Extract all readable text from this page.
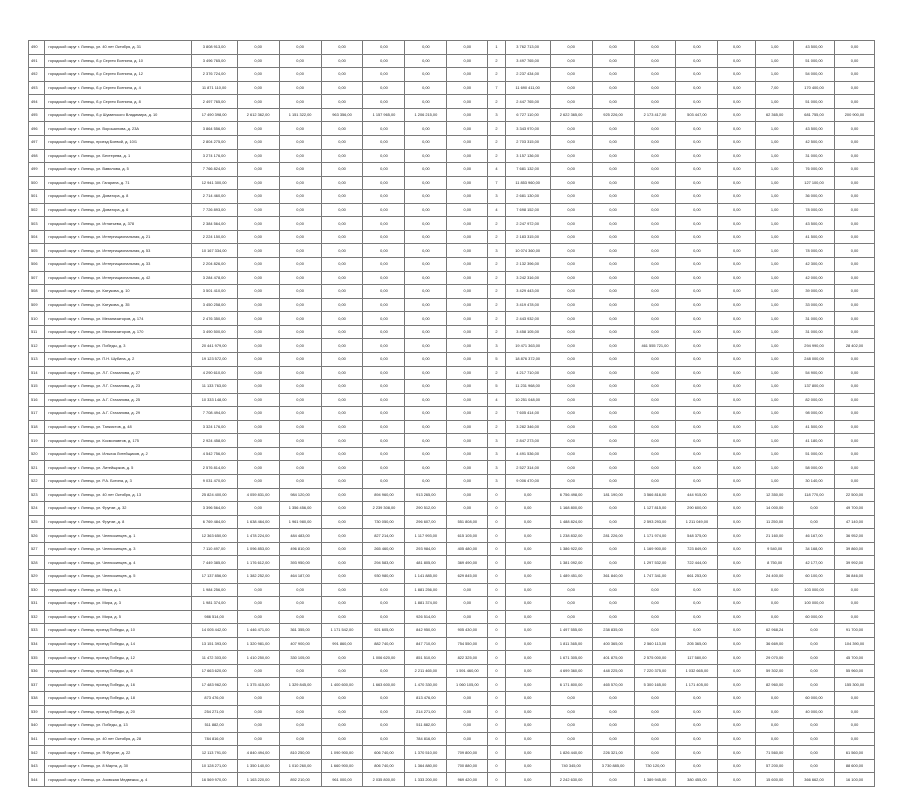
490	городской округ г. Липецк, ул. 40 лет Октября, д. 31	3 808 913,00	0,00	0,00	0,00	0,00	0,00	0,00	1	3 762 713,00	0,00	0,00	0,00	0,00	0,00	1,00	43 500,00	0,00
491	городской округ г. Липецк, б-р Сергея Есенина, д. 10	3 496 765,00	0,00	0,00	0,00	0,00	0,00	0,00	2	3 497 765,00	0,00	0,00	0,00	0,00	0,00	1,00	51 000,00	0,00
492	городской округ г. Липецк, б-р Сергея Есенина, д. 12	2 376 724,00	0,00	0,00	0,00	0,00	0,00	0,00	2	2 237 434,00	0,00	0,00	0,00	0,00	0,00	1,00	54 000,00	0,00
493	городской округ г. Липецк, б-р Сергея Есенина, д. 4	11 871 110,00	0,00	0,00	0,00	0,00	0,00	0,00	7	11 690 411,00	0,00	0,00	0,00	0,00	0,00	7,00	170 400,00	0,00
494	городской округ г. Липецк, б-р Сергея Есенина, д. 8	2 497 765,00	0,00	0,00	0,00	0,00	0,00	0,00	2	2 447 765,00	0,00	0,00	0,00	0,00	0,00	1,00	51 000,00	0,00
495	городской округ г. Липецк, б-р Шуминского Владимира, д. 10	17 490 398,00	2 612 362,00	1 151 322,00	963 356,00	1 157 965,00	1 206 215,00	0,00	3	6 727 110,00	2 622 365,00	925 226,00	2 173 417,00	503 447,00	0,00	62 365,00	681 755,00	200 900,00
496	городской округ г. Липецк, ул. Ворошилова, д. 23А	3 864 556,00	0,00	0,00	0,00	0,00	0,00	0,00	2	3 343 970,00	0,00	0,00	0,00	0,00	0,00	1,00	43 500,00	0,00
497	городской округ г. Липецк, проезд Боевой, д. 10/1	2 804 275,00	0,00	0,00	0,00	0,00	0,00	0,00	2	2 703 315,00	0,00	0,00	0,00	0,00	0,00	1,00	42 500,00	0,00
498	городской округ г. Липецк, ул. Бехтерева, д. 1	3 274 176,00	0,00	0,00	0,00	0,00	0,00	0,00	2	3 157 136,00	0,00	0,00	0,00	0,00	0,00	1,00	31 000,00	0,00
499	городской округ г. Липецк, ул. Вавилова, д. 5	7 766 824,00	0,00	0,00	0,00	0,00	0,00	0,00	4	7 681 132,00	0,00	0,00	0,00	0,00	0,00	1,00	76 000,00	0,00
500	городской округ г. Липецк, ул. Гагарина, д. 71	12 941 300,00	0,00	0,00	0,00	0,00	0,00	0,00	7	11 853 960,00	0,00	0,00	0,00	0,00	0,00	1,00	127 100,00	0,00
501	городской округ г. Липецк, ул. Доватора, д. 8	2 714 460,00	0,00	0,00	0,00	0,00	0,00	0,00	3	2 681 130,00	0,00	0,00	0,00	0,00	0,00	1,00	36 000,00	0,00
502	городской округ г. Липецк, ул. Доватора, д. 6	7 726 893,00	0,00	0,00	0,00	0,00	0,00	0,00	4	7 698 152,00	0,00	0,00	0,00	0,00	0,00	1,00	78 000,00	0,00
503	городской округ г. Липецк, ул. Игнатьева, д. 378	2 384 564,00	0,00	0,00	0,00	0,00	0,00	0,00	2	2 247 972,00	0,00	0,00	0,00	0,00	0,00	1,00	43 500,00	0,00
504	городской округ г. Липецк, ул. Интернациональная, д. 21	2 224 150,00	0,00	0,00	0,00	0,00	0,00	0,00	2	2 183 315,00	0,00	0,00	0,00	0,00	0,00	1,00	41 500,00	0,00
505	городской округ г. Липецк, ул. Интернациональная, д. 53	10 167 334,00	0,00	0,00	0,00	0,00	0,00	0,00	3	10 074 360,00	0,00	0,00	0,00	0,00	0,00	1,00	78 000,00	0,00
506	городской округ г. Липецк, ул. Интернациональная, д. 33	2 204 826,00	0,00	0,00	0,00	0,00	0,00	0,00	2	2 132 396,00	0,00	0,00	0,00	0,00	0,00	1,00	42 300,00	0,00
507	городской округ г. Липецк, ул. Интернациональная, д. 42	3 284 478,00	0,00	0,00	0,00	0,00	0,00	0,00	2	3 242 316,00	0,00	0,00	0,00	0,00	0,00	1,00	42 000,00	0,00
508	городской округ г. Липецк, ул. Катукова, д. 10	3 501 410,00	0,00	0,00	0,00	0,00	0,00	0,00	2	3 429 443,00	0,00	0,00	0,00	0,00	0,00	1,00	39 000,00	0,00
509	городской округ г. Липецк, ул. Катукова, д. 35	3 450 258,00	0,00	0,00	0,00	0,00	0,00	0,00	2	3 419 478,00	0,00	0,00	0,00	0,00	0,00	1,00	33 000,00	0,00
510	городской округ г. Липецк, ул. Механизаторов, д. 174	2 476 350,00	0,00	0,00	0,00	0,00	0,00	0,00	2	2 443 932,00	0,00	0,00	0,00	0,00	0,00	1,00	31 000,00	0,00
511	городской округ г. Липецк, ул. Механизаторов, д. 170	3 490 500,00	0,00	0,00	0,00	0,00	0,00	0,00	2	3 458 105,00	0,00	0,00	0,00	0,00	0,00	1,00	31 000,00	0,00
512	городской округ г. Липецк, ул. Победы, д. 3	20 441 979,00	0,00	0,00	0,00	0,00	0,00	0,00	3	19 471 363,00	0,00	0,00	461 555 721,00	0,00	0,00	1,00	294 990,00	28 402,00
513	городской округ г. Липецк, ул. П.Н. Шубина, д. 2	19 123 572,00	0,00	0,00	0,00	0,00	0,00	0,00	5	18 876 372,00	0,00	0,00	0,00	0,00	0,00	1,00	248 000,00	0,00
514	городской округ г. Липецк, ул. Л.Г. Стаханова, д. 27	4 290 610,00	0,00	0,00	0,00	0,00	0,00	0,00	2	4 217 710,00	0,00	0,00	0,00	0,00	0,00	1,00	54 900,00	0,00
515	городской округ г. Липецк, ул. Л.Г. Стаханова, д. 23	11 133 763,00	0,00	0,00	0,00	0,00	0,00	0,00	5	11 231 968,00	0,00	0,00	0,00	0,00	0,00	1,00	137 800,00	0,00
516	городской округ г. Липецк, ул. А.Г. Стаханова, д. 25	10 333 148,00	0,00	0,00	0,00	0,00	0,00	0,00	4	10 251 048,00	0,00	0,00	0,00	0,00	0,00	1,00	82 000,00	0,00
517	городской округ г. Липецк, ул. А.Г. Стаханова, д. 29	7 708 494,00	0,00	0,00	0,00	0,00	0,00	0,00	2	7 605 414,00	0,00	0,00	0,00	0,00	0,00	1,00	98 000,00	0,00
518	городской округ г. Липецк, ул. Танкистов, д. 48	3 324 176,00	0,00	0,00	0,00	0,00	0,00	0,00	2	3 282 346,00	0,00	0,00	0,00	0,00	0,00	1,00	41 500,00	0,00
519	городской округ г. Липецк, ул. Космонавтов, д. 175	2 924 458,00	0,00	0,00	0,00	0,00	0,00	0,00	3	2 847 273,00	0,00	0,00	0,00	0,00	0,00	1,00	41 180,00	0,00
520	городской округ г. Липецк, ул. Ильича Литейщиков, д. 2	4 542 756,00	0,00	0,00	0,00	0,00	0,00	0,00	3	4 491 536,00	0,00	0,00	0,00	0,00	0,00	1,00	51 000,00	0,00
521	городской округ г. Липецк, ул. Литейщиков, д. 5	2 576 814,00	0,00	0,00	0,00	0,00	0,00	0,00	3	2 527 314,00	0,00	0,00	0,00	0,00	0,00	1,00	58 000,00	0,00
522	городской округ г. Липецк, ул. Р.А. Ботина, д. 3	9 031 470,00	0,00	0,00	0,00	0,00	0,00	0,00	3	9 006 470,00	0,00	0,00	0,00	0,00	0,00	1,00	30 140,00	0,00
523	городской округ г. Липецк, ул. 40 лет Октября, д. 13	25 824 400,00	4 059 831,00	984 120,00	0,00	894 960,00	913 265,00	0,00	0	0,00	6 756 498,00	181 190,00	3 566 816,00	444 915,00	0,00	12 350,00	118 770,00	22 500,00
524	городской округ г. Липецк, ул. Фрунзе, д. 32	3 396 564,00	0,00	1 356 456,00	0,00	2 239 308,00	290 512,00	0,00	0	0,00	1 168 800,00	0,00	1 127 815,00	290 600,00	0,00	14 000,00	0,00	49 700,00
525	городской округ г. Липецк, ул. Фрунзе, д. 8	6 769 484,00	1 638 464,00	1 961 980,00	0,00	730 050,00	296 607,00	551 808,00	0	0,00	1 488 824,00	0,00	2 593 293,00	1 211 049,00	0,00	11 250,00	0,00	47 140,00
526	городской округ г. Липецк, ул. Челюскинцев, д. 1	12 363 650,00	1 478 224,00	484 483,00	0,00	827 214,00	1 117 993,00	615 105,00	0	0,00	1 238 832,00	281 226,00	1 171 974,00	548 375,00	0,00	21 160,00	46 167,00	36 952,00
527	городской округ г. Липецк, ул. Челюскинцев, д. 3	7 110 497,00	1 096 853,00	496 810,00	0,00	265 460,00	293 984,00	405 480,00	0	0,00	1 386 922,00	0,00	1 169 900,00	723 849,00	0,00	9 540,00	34 168,00	39 860,00
528	городской округ г. Липецк, ул. Челюскинцев, д. 4	7 449 385,00	1 176 612,00	393 950,00	0,00	294 583,00	481 805,00	369 490,00	0	0,00	1 381 092,00	0,00	1 297 532,00	722 444,00	0,00	8 750,00	42 177,00	39 992,00
529	городской округ г. Липецк, ул. Челюскинцев, д. 5	17 137 856,00	1 382 252,00	464 187,00	0,00	930 980,00	1 141 885,00	629 845,00	0	0,00	1 489 451,00	361 840,00	1 747 341,00	661 253,00	0,00	24 400,00	60 100,00	36 846,00
530	городской округ г. Липецк, ул. Мира, д. 1	1 984 256,00	0,00	0,00	0,00	0,00	1 881 256,00	0,00	0	0,00	0,00	0,00	0,00	0,00	0,00	0,00	103 000,00	0,00
531	городской округ г. Липецк, ул. Мира, д. 3	1 981 374,00	0,00	0,00	0,00	0,00	1 881 374,00	0,00	0	0,00	0,00	0,00	0,00	0,00	0,00	0,00	100 000,00	0,00
532	городской округ г. Липецк, ул. Мира, д. 5	986 514,00	0,00	0,00	0,00	0,00	926 514,00	0,00	0	0,00	0,00	0,00	0,00	0,00	0,00	0,00	60 000,00	0,00
533	городской округ г. Липецк, проезд Победы, д. 10	14 005 442,00	1 446 471,00	361 355,00	1 171 542,00	921 605,00	842 950,00	905 430,00	0	0,00	1 497 555,00	238 835,00	0,00	0,00	0,00	62 968,24	0,00	91 700,00
534	городской округ г. Липецк, проезд Победы, д. 14	13 151 393,00	1 320 981,00	407 900,00	991 860,00	882 740,00	847 710,00	754 550,00	0	0,00	1 811 365,00	400 365,00	2 560 113,00	205 365,00	0,00	36 669,00	0,00	104 390,00
535	городской округ г. Липецк, проезд Победы, д. 12	11 472 303,00	1 410 250,00	330 105,00	0,00	1 006 620,00	851 510,00	822 325,00	0	0,00	1 671 305,00	401 875,00	2 575 000,00	117 580,00	0,00	29 070,00	0,00	45 700,00
536	городской округ г. Липецк, проезд Победы, д. 8	17 663 620,00	0,00	0,00	0,00	0,00	2 211 465,00	1 591 460,00	0	0,00	4 699 360,00	448 225,00	7 220 375,00	1 032 665,00	0,00	59 302,00	0,00	55 960,00
537	городской округ г. Липецк, проезд Победы, д. 16	17 483 962,00	1 375 415,00	1 329 845,00	1 400 600,00	1 663 600,00	1 470 330,00	1 060 105,00	0	0,00	6 171 800,00	465 570,00	5 300 165,00	1 171 405,00	0,00	82 960,00	0,00	155 300,00
538	городской округ г. Липецк, проезд Победы, д. 18	873 476,00	0,00	0,00	0,00	0,00	813 476,00	0,00	0	0,00	0,00	0,00	0,00	0,00	0,00	0,00	60 000,00	0,00
539	городской округ г. Липецк, проезд Победы, д. 20	254 271,00	0,00	0,00	0,00	0,00	214 271,00	0,00	0	0,00	0,00	0,00	0,00	0,00	0,00	0,00	40 000,00	0,00
540	городской округ г. Липецк, ул. Победы, д. 13	511 882,00	0,00	0,00	0,00	0,00	511 882,00	0,00	0	0,00	0,00	0,00	0,00	0,00	0,00	0,00	0,00	0,00
541	городской округ г. Липецк, ул. 40 лет Октября, д. 28	784 816,00	0,00	0,00	0,00	0,00	784 816,00	0,00	0	0,00	0,00	0,00	0,00	0,00	0,00	0,00	0,00	0,00
542	городской округ г. Липецк, ул. Я.Фрунзе, д. 22	12 113 791,00	4 840 494,00	810 250,00	1 090 900,00	606 740,00	1 370 510,00	709 800,00	0	0,00	1 826 440,00	226 321,00	0,00	0,00	0,00	71 560,00	0,00	61 560,00
543	городской округ г. Липецк, ул. 8 Марта, д. 30	10 128 271,00	1 350 140,00	1 010 260,00	1 660 900,00	806 740,00	1 364 880,00	700 880,00	0	0,00	740 345,00	3 730 885,00	730 120,00	0,00	0,00	57 200,00	0,00	88 600,00
544	городской округ г. Липецк, ул. Азовская Медвежья, д. 4	16 569 970,00	1 163 220,00	892 210,00	961 000,00	2 035 800,00	1 333 200,00	969 420,00	0	0,00	2 242 630,00	0,00	1 389 945,00	380 455,00	0,00	15 600,00	366 662,00	16 100,00
